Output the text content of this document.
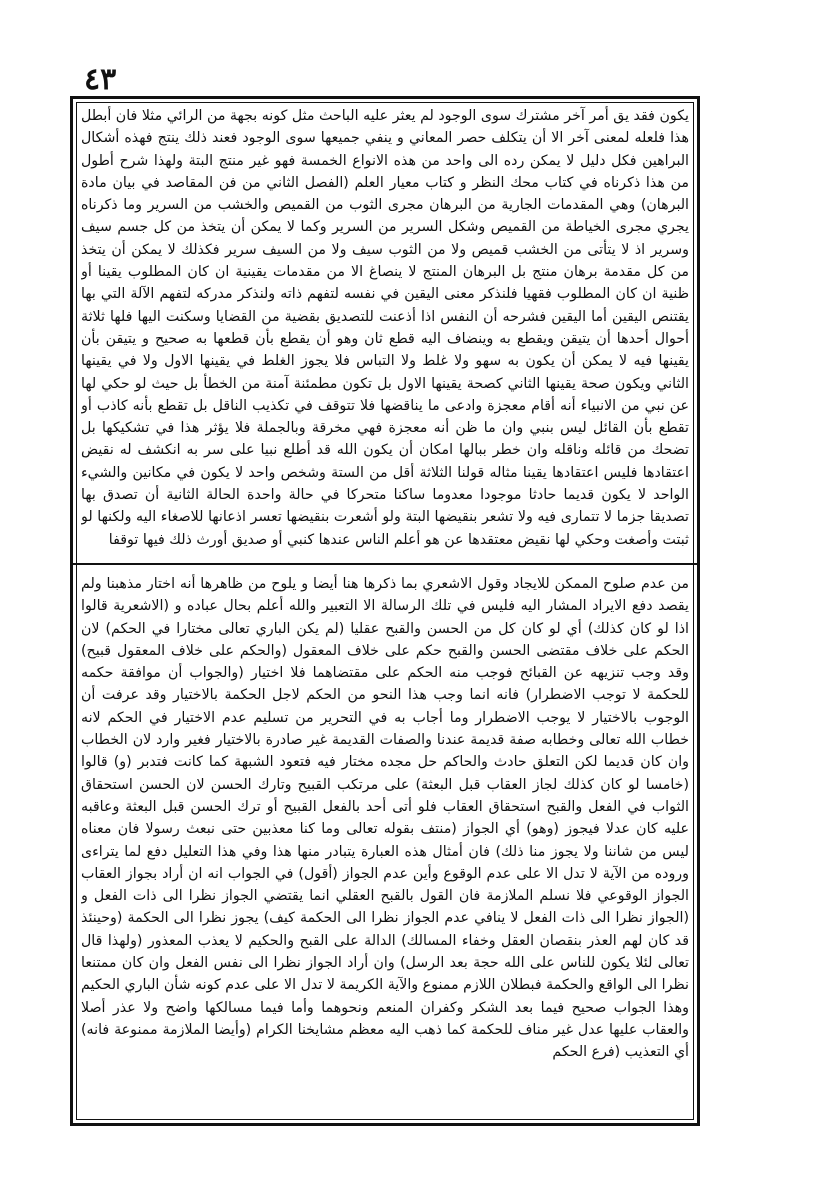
٤٣

يكون فقد يق أمر آخر مشترك سوى الوجود لم يعثر عليه الباحث مثل كونه بجهة من الرائي مثلا فان أبطل هذا فلعله لمعنى آخر الا أن يتكلف حصر المعاني و ينفي جميعها سوى الوجود فعند ذلك ينتج فهذه أشكال البراهين فكل دليل لا يمكن رده الى واحد من هذه الانواع الخمسة فهو غير منتج البتة ولهذا شرح أطول من هذا ذكرناه في كتاب محك النظر و كتاب معيار العلم (الفصل الثاني من فن المقاصد في بيان مادة البرهان) وهي المقدمات الجارية من البرهان مجرى الثوب من القميص والخشب من السرير وما ذكرناه يجري مجرى الخياطة من القميص وشكل السرير من السرير وكما لا يمكن أن يتخذ من كل جسم سيف وسرير اذ لا يتأتى من الخشب قميص ولا من الثوب سيف ولا من السيف سرير فكذلك لا يمكن أن يتخذ من كل مقدمة برهان منتج بل البرهان المنتج لا ينصاغ الا من مقدمات يقينية ان كان المطلوب يقينا أو ظنية ان كان المطلوب فقهيا فلنذكر معنى اليقين في نفسه لتفهم ذاته ولنذكر مدركه لتفهم الآلة التي بها يقتنص اليقين أما اليقين فشرحه أن النفس اذا أذعنت للتصديق بقضية من القضايا وسكنت اليها فلها ثلاثة أحوال أحدها أن يتيقن ويقطع به وينضاف اليه قطع ثان وهو أن يقطع بأن قطعها به صحيح و يتيقن بأن يقينها فيه لا يمكن أن يكون به سهو ولا غلط ولا التباس فلا يجوز الغلط في يقينها الاول ولا في يقينها الثاني ويكون صحة يقينها الثاني كصحة يقينها الاول بل تكون مطمئنة آمنة من الخطأ بل حيث لو حكي لها عن نبي من الانبياء أنه أقام معجزة وادعى ما يناقضها فلا تتوقف في تكذيب الناقل بل تقطع بأنه كاذب أو تقطع بأن القائل ليس بنبي وان ما ظن أنه معجزة فهي مخرقة وبالجملة فلا يؤثر هذا في تشكيكها بل تضحك من قائله وناقله وان خطر ببالها امكان أن يكون الله قد أطلع نبيا على سر به انكشف له نقيض اعتقادها فليس اعتقادها يقينا مثاله قولنا الثلاثة أقل من الستة وشخص واحد لا يكون في مكانين والشيء الواحد لا يكون قديما حادثا موجودا معدوما ساكنا متحركا في حالة واحدة الحالة الثانية أن تصدق بها تصديقا جزما لا تتمارى فيه ولا تشعر بنقيضها البتة ولو أشعرت بنقيضها تعسر اذعانها للاصغاء اليه ولكنها لو ثبتت وأصغت وحكي لها نقيض معتقدها عن هو أعلم الناس عندها كنبي أو صديق أورث ذلك فيها توقفا

من عدم صلوح الممكن للايجاد وقول الاشعري بما ذكرها هنا أيضا و يلوح من ظاهرها أنه اختار مذهبنا ولم يقصد دفع الايراد المشار اليه فليس في تلك الرسالة الا التعبير والله أعلم بحال عباده و (الاشعرية قالوا اذا لو كان كذلك) أي لو كان كل من الحسن والقبح عقليا (لم يكن الباري تعالى مختارا في الحكم) لان الحكم على خلاف مقتضى الحسن والقبح حكم على خلاف المعقول (والحكم على خلاف المعقول قبيح) وقد وجب تنزيهه عن القبائح فوجب منه الحكم على مقتضاهما فلا اختيار (والجواب أن موافقة حكمه للحكمة لا توجب الاضطرار) فانه انما وجب هذا النحو من الحكم لاجل الحكمة بالاختيار وقد عرفت أن الوجوب بالاختيار لا يوجب الاضطرار وما أجاب به في التحرير من تسليم عدم الاختيار في الحكم لانه خطاب الله تعالى وخطابه صفة قديمة عندنا والصفات القديمة غير صادرة بالاختيار فغير وارد لان الخطاب وان كان قديما لكن التعلق حادث والحاكم حل مجده مختار فيه فتعود الشبهة كما كانت فتدبر (و) قالوا (خامسا لو كان كذلك لجاز العقاب قبل البعثة) على مرتكب القبيح وتارك الحسن لان الحسن استحقاق الثواب في الفعل والقبح استحقاق العقاب فلو أتى أحد بالفعل القبيح أو ترك الحسن قبل البعثة وعاقبه عليه كان عدلا فيجوز (وهو) أي الجواز (منتف بقوله تعالى وما كنا معذبين حتى نبعث رسولا فان معناه ليس من شاننا ولا يجوز منا ذلك) فان أمثال هذه العبارة يتبادر منها هذا وفي هذا التعليل دفع لما يتراءى وروده من الآية لا تدل الا على عدم الوقوع وأين عدم الجواز (أقول) في الجواب انه ان أراد بجواز العقاب الجواز الوقوعي فلا نسلم الملازمة فان القول بالقبح العقلي انما يقتضي الجواز نظرا الى ذات الفعل و (الجواز نظرا الى ذات الفعل لا ينافي عدم الجواز نظرا الى الحكمة كيف) يجوز نظرا الى الحكمة (وحينئذ قد كان لهم العذر بنقصان العقل وخفاء المسالك) الدالة على القبح والحكيم لا يعذب المعذور (ولهذا قال تعالى لئلا يكون للناس على الله حجة بعد الرسل) وان أراد الجواز نظرا الى نفس الفعل وان كان ممتنعا نظرا الى الواقع والحكمة فبطلان اللازم ممنوع والآية الكريمة لا تدل الا على عدم كونه شأن الباري الحكيم وهذا الجواب صحيح فيما بعد الشكر وكفران المنعم ونحوهما وأما فيما مسالكها واضح ولا عذر أصلا والعقاب عليها عدل غير مناف للحكمة كما ذهب اليه معظم مشايخنا الكرام (وأيضا الملازمة ممنوعة فانه) أي التعذيب (فرع الحكم
